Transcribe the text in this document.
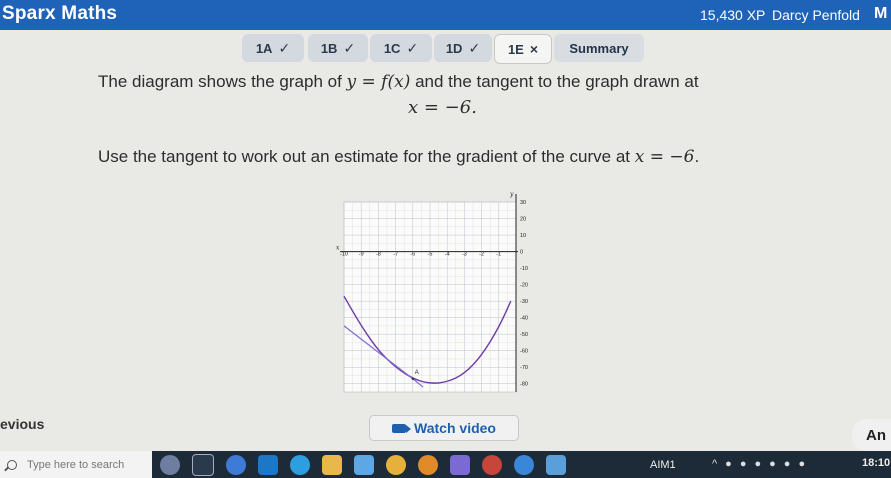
Sparx Maths	15,430 XP Darcy Penfold M
1A ✓ 1B ✓ 1C ✓ 1D ✓ 1E × Summary
The diagram shows the graph of y = f(x) and the tangent to the graph drawn at
x = −6.
Use the tangent to work out an estimate for the gradient of the curve at x = −6.
-10 -9 -8 -7 -6 -5 -4 -3 -2 -1
30
20
10
0
-10
-20
-30
-40
-50
-60
-70
-80
x
y
A
evious	Watch video	An
Type here to search	AIM1	^ ● ● ● ● ● ●	18:10
